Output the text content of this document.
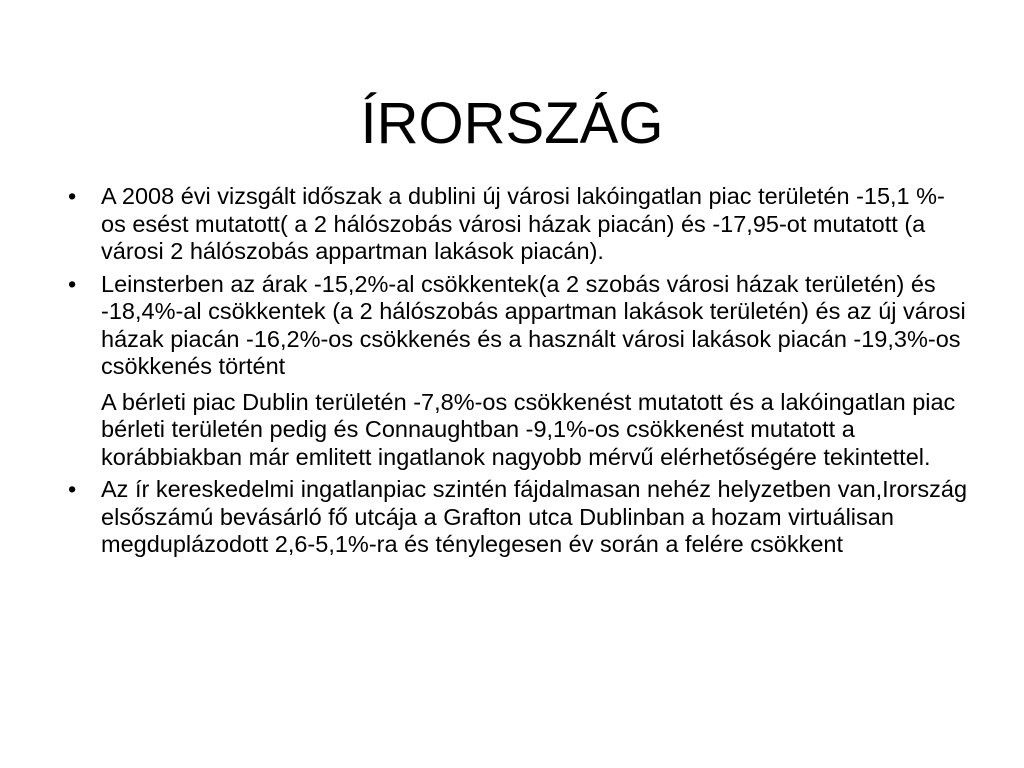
ÍRORSZÁG
• A 2008 évi vizsgált időszak a dublini új városi lakóingatlan piac területén -15,1 %-os esést mutatott( a 2 hálószobás városi házak piacán) és -17,95-ot mutatott (a városi 2 hálószobás appartman lakások piacán).
• Leinsterben az árak -15,2%-al csökkentek(a 2 szobás városi házak területén) és -18,4%-al csökkentek (a 2 hálószobás appartman lakások területén) és az új városi házak piacán -16,2%-os csökkenés és a használt városi lakások piacán -19,3%-os csökkenés történt
A bérleti piac Dublin területén -7,8%-os csökkenést mutatott és a lakóingatlan piac bérleti területén pedig és Connaughtban -9,1%-os csökkenést mutatott a korábbiakban már emlitett ingatlanok nagyobb mérvű elérhetőségére tekintettel.
• Az ír kereskedelmi ingatlanpiac szintén fájdalmasan nehéz helyzetben van,Irország elsőszámú bevásárló fő utcája a Grafton utca Dublinban a hozam virtuálisan megduplázodott 2,6-5,1%-ra és ténylegesen év során a felére csökkent
